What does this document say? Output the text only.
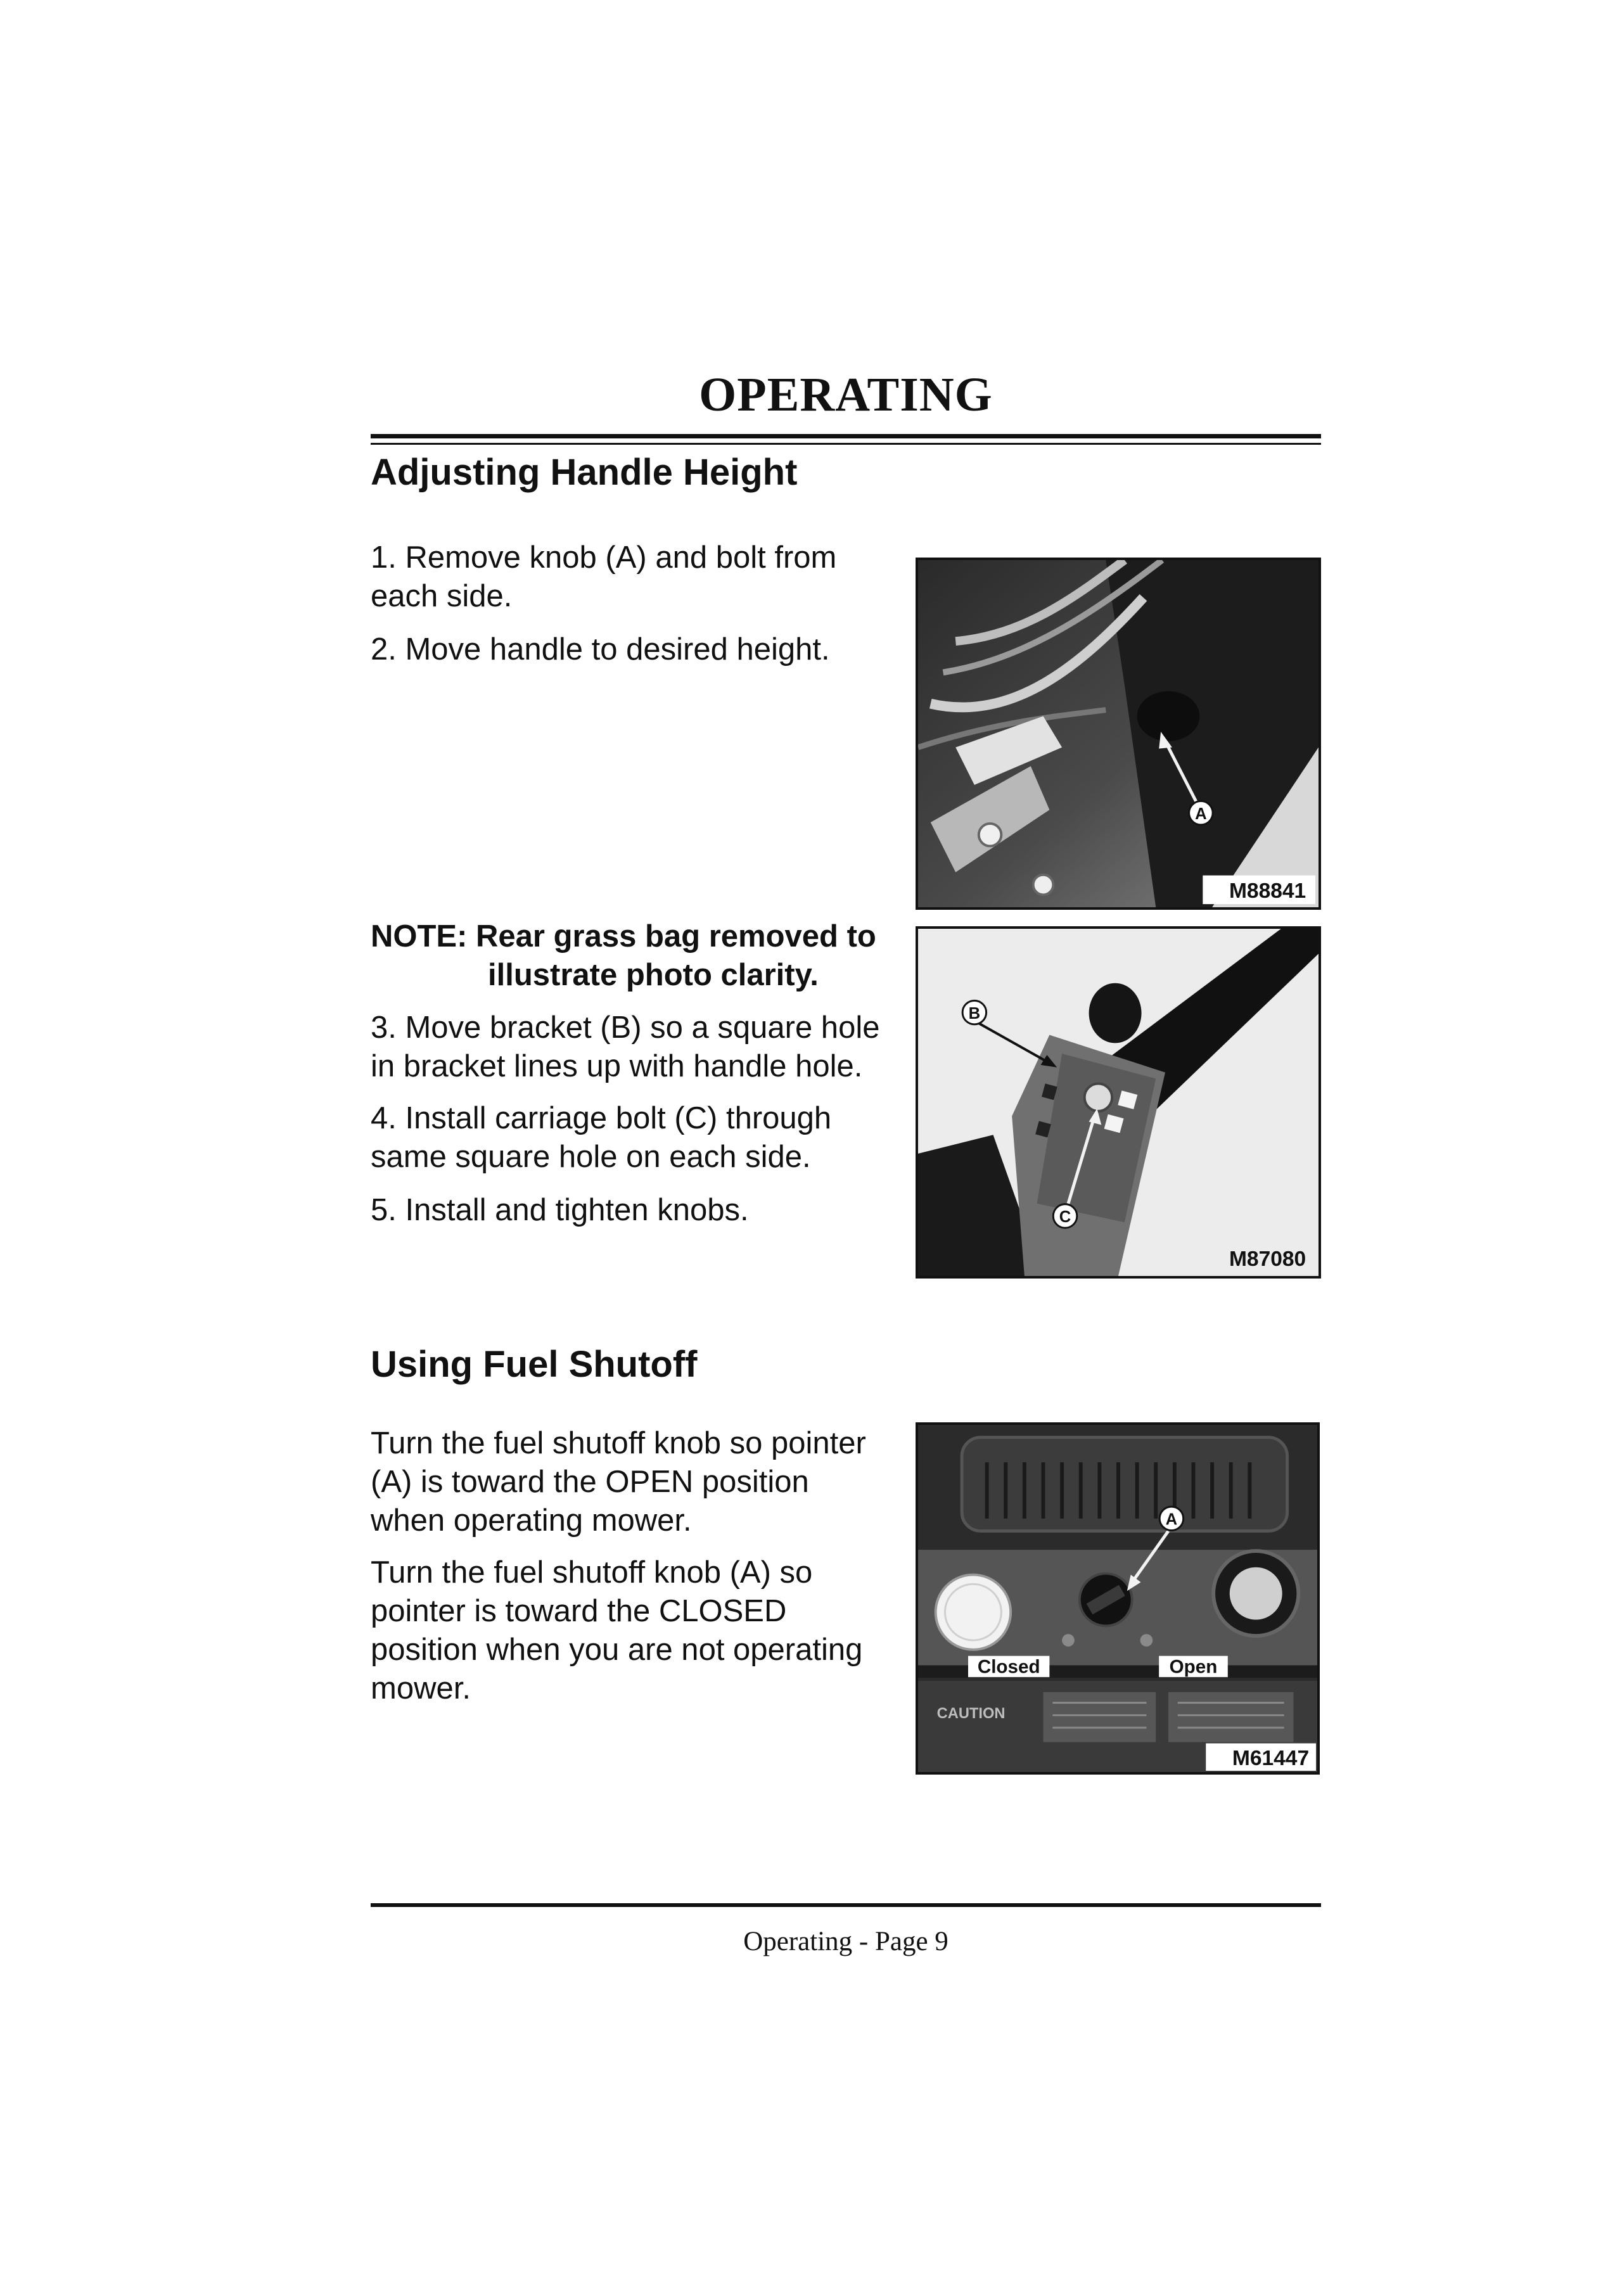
OPERATING
Adjusting Handle Height
1. Remove knob (A) and bolt from
each side.
2. Move handle to desired height.
NOTE: Rear grass bag removed to
illustrate photo clarity.
3. Move bracket (B) so a square hole
in bracket lines up with handle hole.
4. Install carriage bolt (C) through
same square hole on each side.
5. Install and tighten knobs.
A
M88841
B
C
M87080
Using Fuel Shutoff
Turn the fuel shutoff knob so pointer
(A) is toward the OPEN position
when operating mower.
Turn the fuel shutoff knob (A) so
pointer is toward the CLOSED
position when you are not operating
mower.
A
Closed	Open
CAUTION
M61447
Operating - Page 9
